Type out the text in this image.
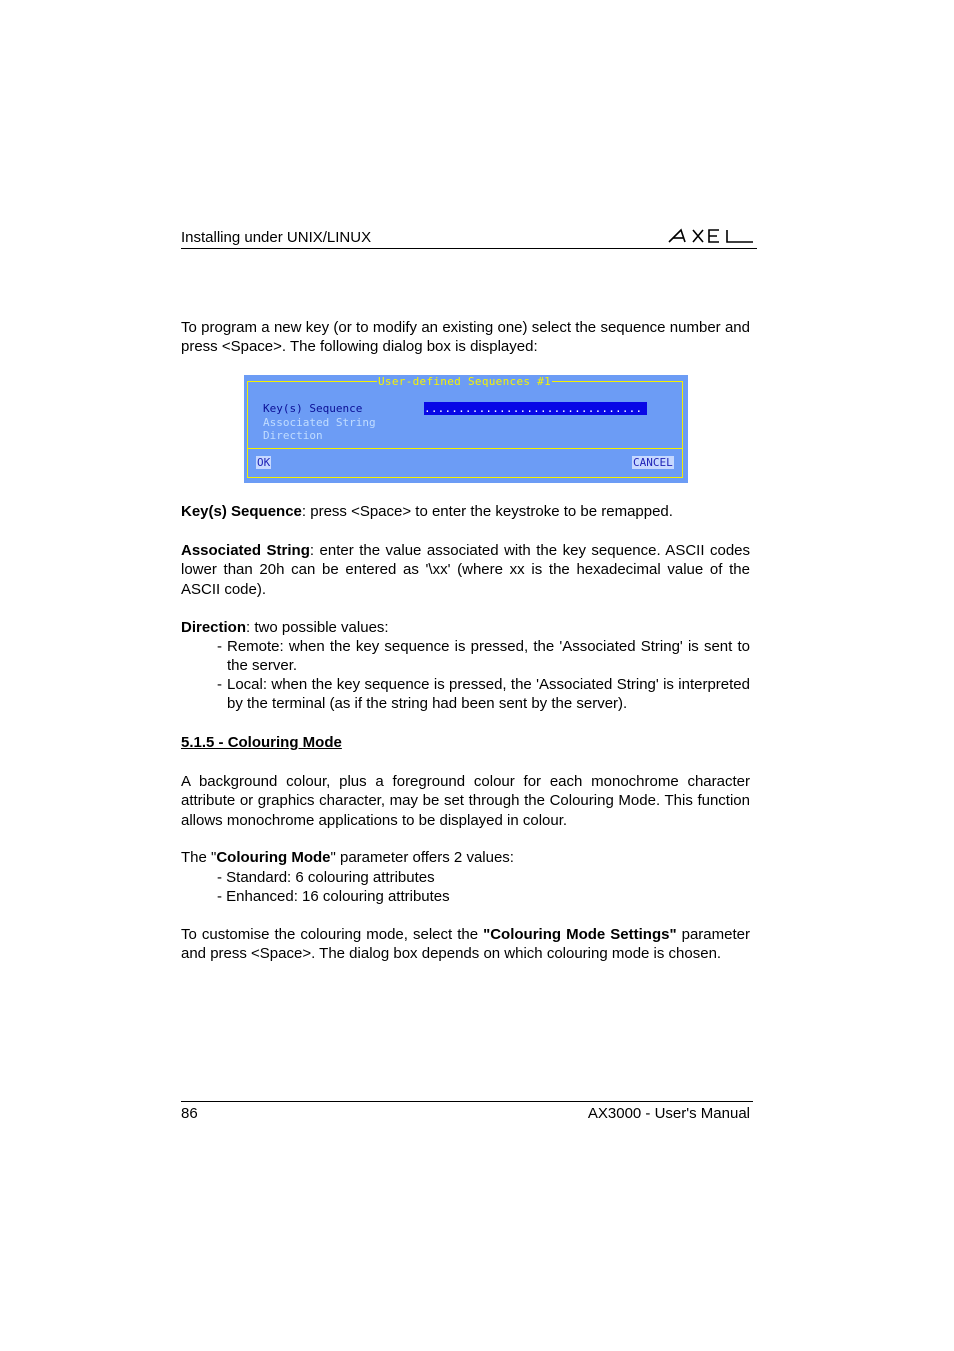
Installing under UNIX/LINUX
To program a new key (or to modify an existing one) select the sequence number and press <Space>. The following dialog box is displayed:
User-defined Sequences #1
Key(s) Sequence	................................
Associated String
Direction
OK	CANCEL
Key(s) Sequence: press <Space> to enter the keystroke to be remapped.
Associated String: enter the value associated with the key sequence. ASCII codes lower than 20h can be entered as '\xx' (where xx is the hexadecimal value of the ASCII code).
Direction: two possible values:
- Remote: when the key sequence is pressed, the 'Associated String' is sent to the server.
- Local: when the key sequence is pressed, the 'Associated String' is interpreted by the terminal (as if the string had been sent by the server).
5.1.5 - Colouring Mode
A background colour, plus a foreground colour for each monochrome character attribute or graphics character, may be set through the Colouring Mode. This function allows monochrome applications to be displayed in colour.
The "Colouring Mode" parameter offers 2 values:
- Standard: 6 colouring attributes
- Enhanced: 16 colouring attributes
To customise the colouring mode, select the "Colouring Mode Settings" parameter and press <Space>. The dialog box depends on which colouring mode is chosen.
86	AX3000 - User's Manual
